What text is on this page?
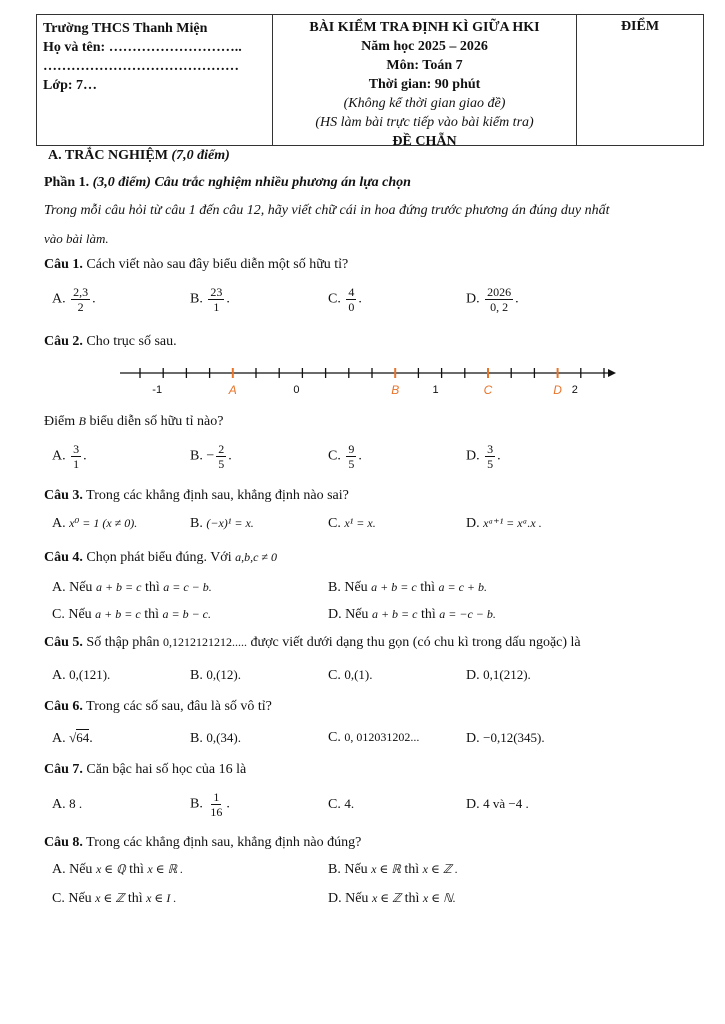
Trường THCS Thanh Miện
Họ và tên: ………………………..
……………………………………
Lớp: 7…
BÀI KIỂM TRA ĐỊNH KÌ GIỮA HKI
Năm học 2025 – 2026
Môn: Toán 7
Thời gian: 90 phút
(Không kể thời gian giao đề)
(HS làm bài trực tiếp vào bài kiểm tra)
ĐỀ CHẴN
ĐIỂM
A. TRẮC NGHIỆM (7,0 điểm)
Phần 1. (3,0 điểm) Câu trắc nghiệm nhiều phương án lựa chọn
Trong mỗi câu hỏi từ câu 1 đến câu 12, hãy viết chữ cái in hoa đứng trước phương án đúng duy nhất
vào bài làm.
Câu 1. Cách viết nào sau đây biểu diễn một số hữu tỉ?
A. $\frac{2,3}{2}$ .	B. $\frac{23}{1}$ .	C. $\frac{4}{0}$ .	D. $\frac{2026}{0, 2}$ .
Câu 2. Cho trục số sau.
-1	0	1	2
A	B	C	D
Điểm B biểu diễn số hữu tỉ nào?
A. $\frac{3}{1}$ .	B. − $\frac{2}{5}$ .	C. $\frac{9}{5}$ .	D. $\frac{3}{5}$ .
Câu 3. Trong các khẳng định sau, khẳng định nào sai?
A. x⁰ = 1 (x ≠ 0).	B. (−x)¹ = x.	C. x¹ = x.	D. xᵃ⁺¹ = xᵃ.x .
Câu 4. Chọn phát biểu đúng. Với a,b,c ≠ 0
A. Nếu a + b = c thì a = c − b.	B. Nếu a + b = c thì a = c + b.
C. Nếu a + b = c thì a = b − c.	D. Nếu a + b = c thì a = −c − b.
Câu 5. Số thập phân 0,1212121212..... được viết dưới dạng thu gọn (có chu kì trong dấu ngoặc) là
A. 0,(121).	B. 0,(12).	C. 0,(1).	D. 0,1(212).
Câu 6. Trong các số sau, đâu là số vô tỉ?
A. √64.	B. 0,(34).	C. 0, 012031202...	D. −0,12(345).
Câu 7. Căn bậc hai số học của 16 là
A. 8 .	B. $\frac{1}{16}$ .	C. 4.	D. 4 và −4 .
Câu 8. Trong các khẳng định sau, khẳng định nào đúng?
A. Nếu x ∈ ℚ thì x ∈ ℝ .	B. Nếu x ∈ ℝ thì x ∈ ℤ .
C. Nếu x ∈ ℤ thì x ∈ I .	D. Nếu x ∈ ℤ thì x ∈ ℕ.
